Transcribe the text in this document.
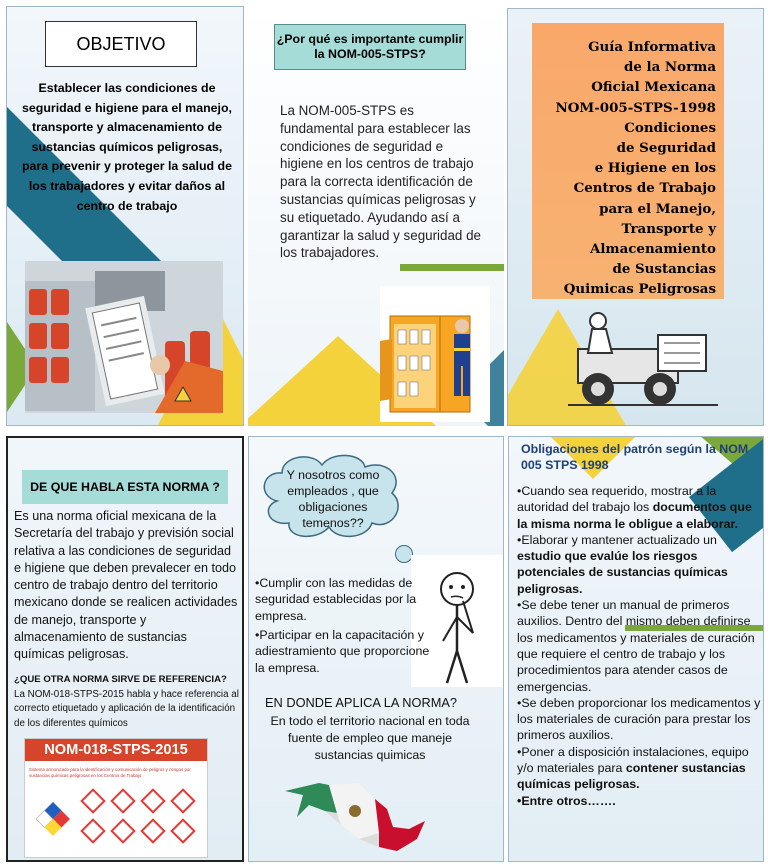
OBJETIVO

Establecer las condiciones de seguridad e higiene para el manejo, transporte y almacenamiento de sustancias químicos peligrosas, para prevenir y proteger la salud de los trabajadores y evitar daños al centro de trabajo

¿Por qué es importante cumplir la NOM-005-STPS?

La NOM-005-STPS es fundamental para establecer las condiciones de seguridad e higiene en los centros de trabajo para la correcta identificación de sustancias químicas peligrosas y su etiquetado. Ayudando así a garantizar la salud y seguridad de los trabajadores.

Guía Informativa
de la Norma
Oficial Mexicana
NOM-005-STPS-1998
Condiciones
de Seguridad
e Higiene en los
Centros de Trabajo
para el Manejo,
Transporte y
Almacenamiento
de Sustancias
Quimicas Peligrosas
DE QUE HABLA ESTA NORMA ?

Es una norma oficial mexicana de la Secretaría del trabajo y previsión social relativa a las condiciones de seguridad e higiene que deben prevalecer en todo centro de trabajo dentro del territorio mexicano donde se realicen actividades de manejo, transporte y almacenamiento de sustancias químicas peligrosas.

¿QUE OTRA NORMA SIRVE DE REFERENCIA?

La NOM-018-STPS-2015 habla y hace referencia al correcto etiquetado y aplicación de la identificación de los diferentes químicos

NOM-018-STPS-2015
Sistema armonizado para la identificación y comunicación de peligros y riesgos por sustancias químicas peligrosas en los Centros de Trabajo
Y nosotros como empleados , que obligaciones temenos??

•Cumplir con las medidas de seguridad establecidas por la empresa.

•Participar en la capacitación y adiestramiento que proporcione la empresa.

EN DONDE APLICA LA NORMA?

En todo el territorio nacional en toda fuente de empleo que maneje sustancias quimicas

Obligaciones del patrón según la NOM 005 STPS 1998

•Cuando sea requerido, mostrar a la autoridad del trabajo los documentos que la misma norma le obligue a elaborar.

•Elaborar y mantener actualizado un estudio que evalúe los riesgos potenciales de sustancias químicas peligrosas.

•Se debe tener un manual de primeros auxilios. Dentro del mismo deben definirse los medicamentos y materiales de curación que requiere el centro de trabajo y los procedimientos para atender casos de emergencias.

•Se deben proporcionar los medicamentos y los materiales de curación para prestar los primeros auxilios.

•Poner a disposición instalaciones, equipo y/o materiales para contener sustancias químicas peligrosas.

•Entre otros…….
